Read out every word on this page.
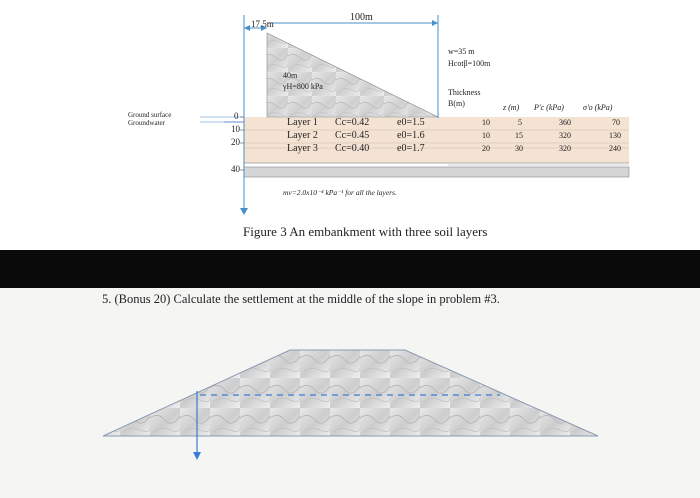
100m
17.5m
40m
γH=800 kPa
w=35 m
Hcotβ=100m
Thickness
B(m)
Ground surface
Groundwater
0
10
20
40
Layer 1 Cc=0.42	e0=1.5
Layer 2 Cc=0.45	e0=1.6
Layer 3 Cc=0.40	e0=1.7
z (m) P'c (kPa) σ'o (kPa)
10	5	360	70
10	15	320	130
20	30	320	240
mv=2.0x10⁻⁴ kPa⁻¹ for all the layers.
Figure 3 An embankment with three soil layers
5. (Bonus 20) Calculate the settlement at the middle of the slope in problem #3.
